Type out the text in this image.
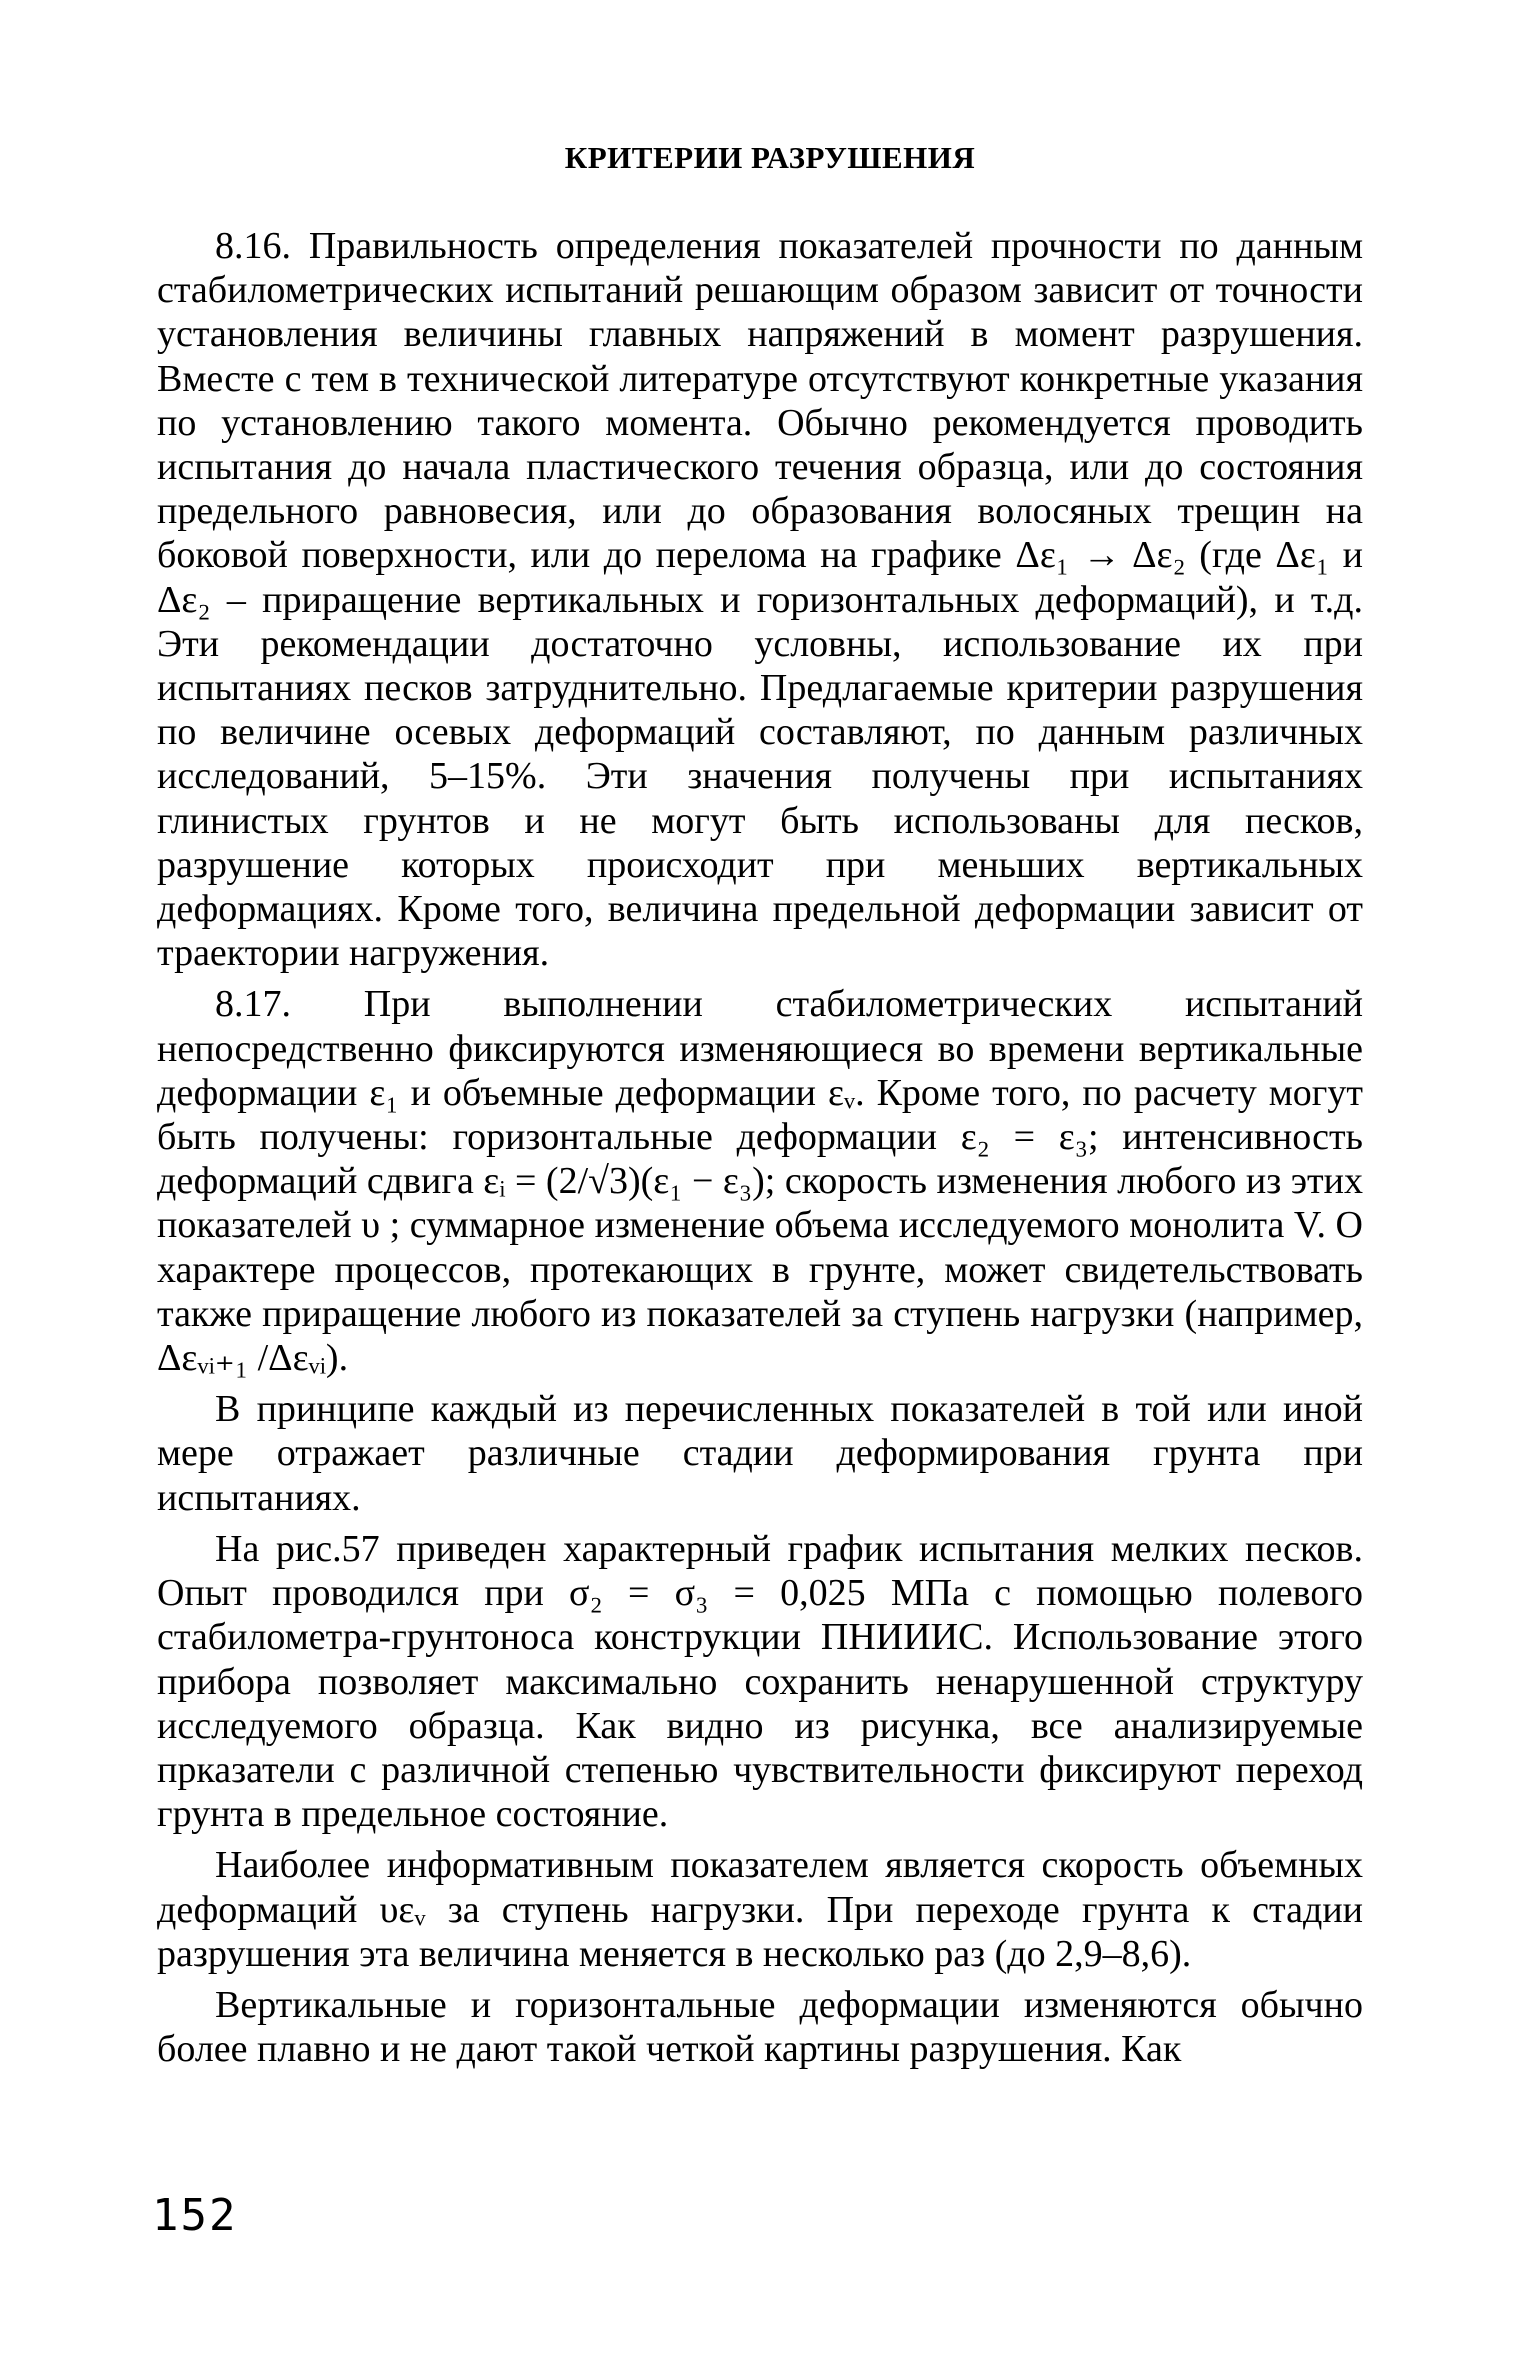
КРИТЕРИИ РАЗРУШЕНИЯ

8.16. Правильность определения показателей прочности по данным стабилометрических испытаний решающим образом зависит от точности установления величины главных напряжений в момент разрушения. Вместе с тем в технической литературе отсутствуют конкретные указания по установлению такого момента. Обычно рекомендуется проводить испытания до начала пластического течения образца, или до состояния предельного равновесия, или до образования волосяных трещин на боковой поверхности, или до перелома на графике Δε₁ → Δε₂ (где Δε₁ и Δε₂ – приращение вертикальных и горизонтальных деформаций), и т.д. Эти рекомендации достаточно условны, использование их при испытаниях песков затруднительно. Предлагаемые критерии разрушения по величине осевых деформаций составляют, по данным различных исследований, 5–15%. Эти значения получены при испытаниях глинистых грунтов и не могут быть использованы для песков, разрушение которых происходит при меньших вертикальных деформациях. Кроме того, величина предельной деформации зависит от траектории нагружения.

8.17. При выполнении стабилометрических испытаний непосредственно фиксируются изменяющиеся во времени вертикальные деформации ε₁ и объемные деформации εᵥ. Кроме того, по расчету могут быть получены: горизонтальные деформации ε₂ = ε₃; интенсивность деформаций сдвига εᵢ = (2/√3)(ε₁ − ε₃); скорость изменения любого из этих показателей υ ; суммарное изменение объема исследуемого монолита V. О характере процессов, протекающих в грунте, может свидетельствовать также приращение любого из показателей за ступень нагрузки (например, Δεᵥᵢ₊₁ /Δεᵥᵢ).

В принципе каждый из перечисленных показателей в той или иной мере отражает различные стадии деформирования грунта при испытаниях.

На рис.57 приведен характерный график испытания мелких песков. Опыт проводился при σ₂ = σ₃ = 0,025 МПа с помощью полевого стабилометра-грунтоноса конструкции ПНИИИС. Использование этого прибора позволяет максимально сохранить ненарушенной структуру исследуемого образца. Как видно из рисунка, все анализируемые прказатели с различной степенью чувствительности фиксируют переход грунта в предельное состояние.

Наиболее информативным показателем является скорость объемных деформаций υεᵥ за ступень нагрузки. При переходе грунта к стадии разрушения эта величина меняется в несколько раз (до 2,9–8,6).

Вертикальные и горизонтальные деформации изменяются обычно более плавно и не дают такой четкой картины разрушения. Как

152
